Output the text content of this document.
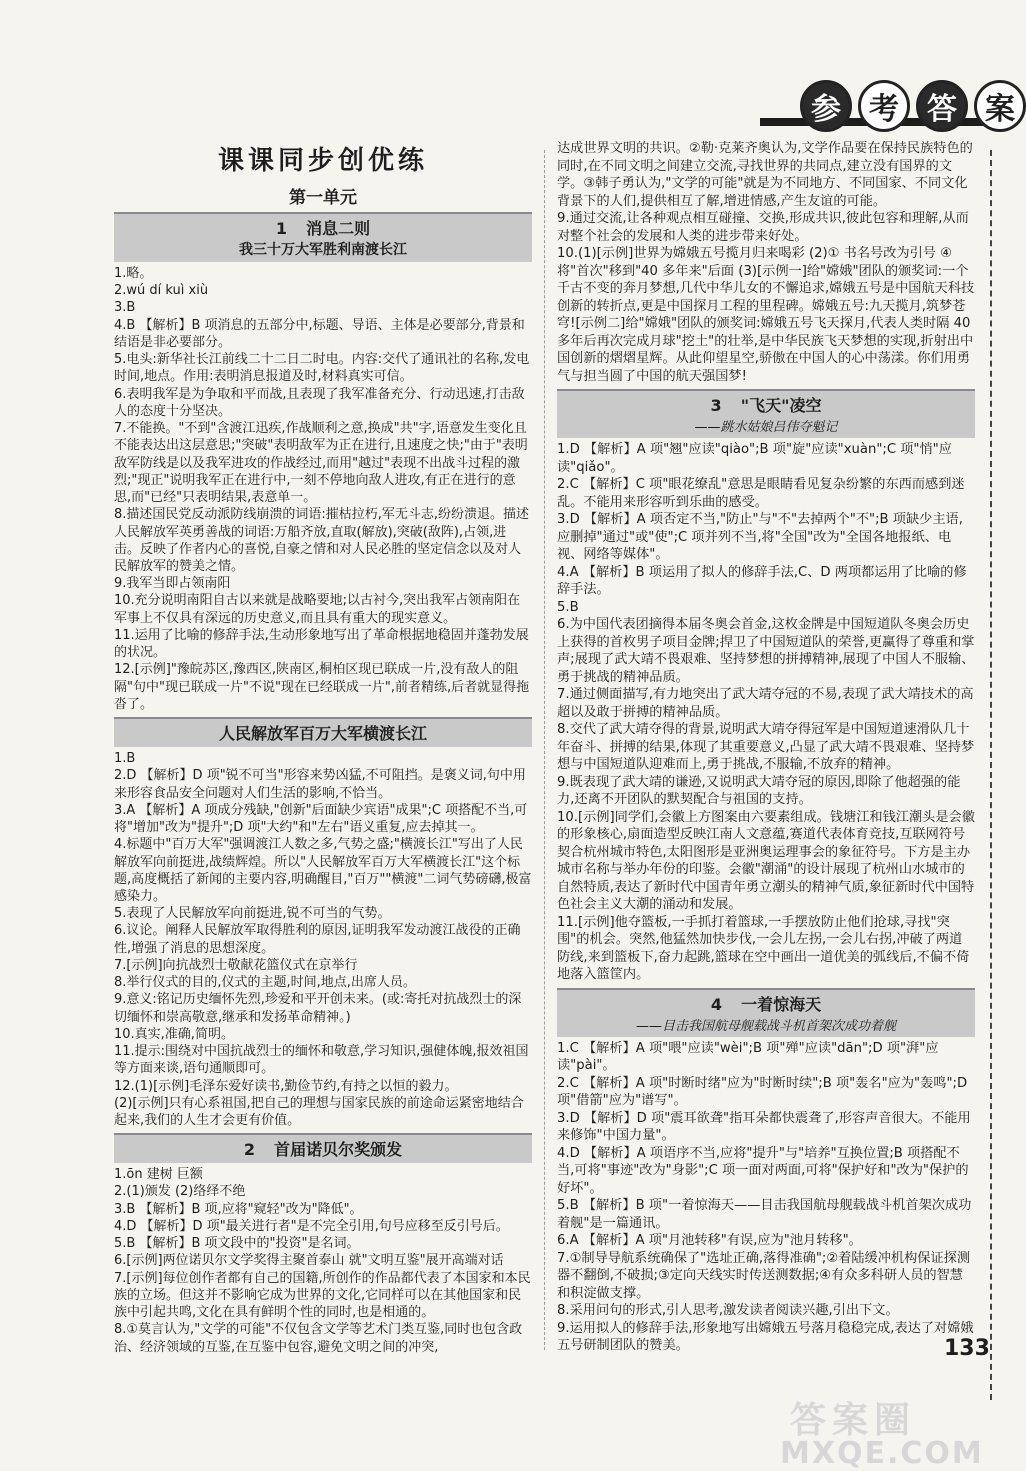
参 考 答 案
课课同步创优练
第一单元
1 消息二则
我三十万大军胜利南渡长江

1.略。

2.wú dí kuì xiù

3.B

4.B 【解析】B 项消息的五部分中,标题、导语、主体是必要部分,背景和结语是非必要部分。

5.电头:新华社长江前线二十二日二时电。内容:交代了通讯社的名称,发电时间,地点。作用:表明消息报道及时,材料真实可信。

6.表明我军是为争取和平而战,且表现了我军准备充分、行动迅速,打击敌人的态度十分坚决。

7.不能换。"不到"含渡江迅疾,作战顺利之意,换成"共"字,语意发生变化且不能表达出这层意思;"突破"表明敌军为正在进行,且速度之快;"由于"表明敌军防线是以及我军进攻的作战经过,而用"越过"表现不出战斗过程的激烈;"现正"说明我军正在进行中,一刻不停地向敌人进攻,有正在进行的意思,而"已经"只表明结果,表意单一。

8.描述国民党反动派防线崩溃的词语:摧枯拉朽,军无斗志,纷纷溃退。描述人民解放军英勇善战的词语:万船齐放,直取(解放),突破(敌阵),占领,进击。反映了作者内心的喜悦,自豪之情和对人民必胜的坚定信念以及对人民解放军的赞美之情。

9.我军当即占领南阳

10.充分说明南阳自古以来就是战略要地;以古衬今,突出我军占领南阳在军事上不仅具有深远的历史意义,而且具有重大的现实意义。

11.运用了比喻的修辞手法,生动形象地写出了革命根据地稳固并蓬勃发展的状况。

12.[示例]"豫皖苏区,豫西区,陕南区,桐柏区现已联成一片,没有敌人的阻隔"句中"现已联成一片"不说"现在已经联成一片",前者精练,后者就显得拖沓了。

人民解放军百万大军横渡长江

1.B

2.D 【解析】D 项"锐不可当"形容来势凶猛,不可阻挡。是褒义词,句中用来形容食品安全问题对人们生活的影响,不恰当。

3.A 【解析】A 项成分残缺,"创新"后面缺少宾语"成果";C 项搭配不当,可将"增加"改为"提升";D 项"大约"和"左右"语义重复,应去掉其一。

4.标题中"百万大军"强调渡江人数之多,气势之盛;"横渡长江"写出了人民解放军向前挺进,战绩辉煌。所以"人民解放军百万大军横渡长江"这个标题,高度概括了新闻的主要内容,明确醒目,"百万""横渡"二词气势磅礴,极富感染力。

5.表现了人民解放军向前挺进,锐不可当的气势。

6.议论。阐释人民解放军取得胜利的原因,证明我军发动渡江战役的正确性,增强了消息的思想深度。

7.[示例]向抗战烈士敬献花篮仪式在京举行

8.举行仪式的目的,仪式的主题,时间,地点,出席人员。

9.意义:铭记历史缅怀先烈,珍爱和平开创未来。(或:寄托对抗战烈士的深切缅怀和崇高敬意,继承和发扬革命精神。)

10.真实,准确,简明。

11.提示:围绕对中国抗战烈士的缅怀和敬意,学习知识,强健体魄,报效祖国等方面来谈,语句通顺即可。

12.(1)[示例]毛泽东爱好读书,勤俭节约,有持之以恒的毅力。

(2)[示例]只有心系祖国,把自己的理想与国家民族的前途命运紧密地结合起来,我们的人生才会更有价值。

2 首届诺贝尔奖颁发

1.ōn 建树 巨额

2.(1)颁发 (2)络绎不绝

3.B 【解析】B 项,应将"窥轻"改为"降低"。

4.D 【解析】D 项"最关进行者"是不完全引用,句号应移至反引号后。

5.B 【解析】B 项文段中的"投资"是名词。

6.[示例]两位诺贝尔文学奖得主聚首泰山 就"文明互鉴"展开高端对话

7.[示例]每位创作者都有自己的国籍,所创作的作品都代表了本国家和本民族的立场。但这并不影响它成为世界的文化,它同样可以在其他国家和民族中引起共鸣,文化在具有鲜明个性的同时,也是相通的。

8.①莫言认为,"文学的可能"不仅包含文学等艺术门类互鉴,同时也包含政治、经济领域的互鉴,在互鉴中包容,避免文明之间的冲突,

达成世界文明的共识。②勒·克莱齐奥认为,文学作品要在保持民族特色的同时,在不同文明之间建立交流,寻找世界的共同点,建立没有国界的文学。③韩子勇认为,"文学的可能"就是为不同地方、不同国家、不同文化背景下的人们,提供相互了解,增进情感,产生友谊的可能。

9.通过交流,让各种观点相互碰撞、交换,形成共识,彼此包容和理解,从而对整个社会的发展和人类的进步带来好处。

10.(1)[示例]世界为嫦娥五号揽月归来喝彩 (2)① 书名号改为引号 ④ 将"首次"移到"40 多年来"后面 (3)[示例一]给"嫦娥"团队的颁奖词:一个千古不变的奔月梦想,几代中华儿女的不懈追求,嫦娥五号是中国航天科技创新的转折点,更是中国探月工程的里程碑。嫦娥五号:九天揽月,筑梦苍穹![示例二]给"嫦娥"团队的颁奖词:嫦娥五号飞天探月,代表人类时隔 40 多年后再次完成月球"挖土"的壮举,是中华民族飞天梦想的实现,折射出中国创新的熠熠星辉。从此仰望星空,骄傲在中国人的心中荡漾。你们用勇气与担当圆了中国的航天强国梦!

3 "飞天"凌空
——跳水姑娘吕伟夺魁记

1.D 【解析】A 项"翘"应读"qiào";B 项"旋"应读"xuàn";C 项"悄"应读"qiǎo"。

2.C 【解析】C 项"眼花缭乱"意思是眼睛看见复杂纷繁的东西而感到迷乱。不能用来形容听到乐曲的感受。

3.D 【解析】A 项否定不当,"防止"与"不"去掉两个"不";B 项缺少主语,应删掉"通过"或"使";C 项并列不当,将"全国"改为"全国各地报纸、电视、网络等媒体"。

4.A 【解析】B 项运用了拟人的修辞手法,C、D 两项都运用了比喻的修辞手法。

5.B

6.为中国代表团摘得本届冬奥会首金,这枚金牌是中国短道队冬奥会历史上获得的首枚男子项目金牌;捍卫了中国短道队的荣誉,更赢得了尊重和掌声;展现了武大靖不畏艰难、坚持梦想的拼搏精神,展现了中国人不服输、勇于挑战的精神品质。

7.通过侧面描写,有力地突出了武大靖夺冠的不易,表现了武大靖技术的高超以及敢于拼搏的精神品质。

8.交代了武大靖夺得的背景,说明武大靖夺得冠军是中国短道速滑队几十年奋斗、拼搏的结果,体现了其重要意义,凸显了武大靖不畏艰难、坚持梦想与中国短道队迎难而上,勇于挑战,不服输,不放弃的精神。

9.既表现了武大靖的谦逊,又说明武大靖夺冠的原因,即除了他超强的能力,还离不开团队的默契配合与祖国的支持。

10.[示例]同学们,会徽上方图案由六要素组成。钱塘江和钱江潮头是会徽的形象核心,扇面造型反映江南人文意蕴,赛道代表体育竞技,互联网符号契合杭州城市特色,太阳图形是亚洲奥运理事会的象征符号。下方是主办城市名称与举办年份的印鉴。会徽"潮涌"的设计展现了杭州山水城市的自然特质,表达了新时代中国青年勇立潮头的精神气质,象征新时代中国特色社会主义大潮的涌动和发展。

11.[示例]他夺篮板,一手抓打着篮球,一手摆放防止他们抢球,寻找"突围"的机会。突然,他猛然加快步伐,一会儿左拐,一会儿右拐,冲破了两道防线,来到篮板下,奋力起跳,篮球在空中画出一道优美的弧线后,不偏不倚地落入篮筐内。

4 一着惊海天
——目击我国航母舰载战斗机首架次成功着舰

1.C 【解析】A 项"喂"应读"wèi";B 项"殚"应读"dān";D 项"湃"应读"pài"。

2.C 【解析】A 项"时断时绪"应为"时断时续";B 项"轰名"应为"轰鸣";D 项"借箭"应为"谱写"。

3.D 【解析】D 项"震耳欲聋"指耳朵都快震聋了,形容声音很大。不能用来修饰"中国力量"。

4.D 【解析】A 项语序不当,应将"提升"与"培养"互换位置;B 项搭配不当,可将"事迹"改为"身影";C 项一面对两面,可将"保护好和"改为"保护的好坏"。

5.B 【解析】B 项"一着惊海天——目击我国航母舰载战斗机首架次成功着舰"是一篇通讯。

6.A 【解析】A 项"月池转移"有误,应为"池月转移"。

7.①制导导航系统确保了"选址正确,落得准确";②着陆缓冲机构保证探测器不翻倒,不破损;③定向天线实时传送测数据;④有众多科研人员的智慧和积淀做支撑。

8.采用问句的形式,引人思考,激发读者阅读兴趣,引出下文。

9.运用拟人的修辞手法,形象地写出嫦娥五号落月稳稳完成,表达了对嫦娥五号研制团队的赞美。	133
答案圈
MXQE.COM
